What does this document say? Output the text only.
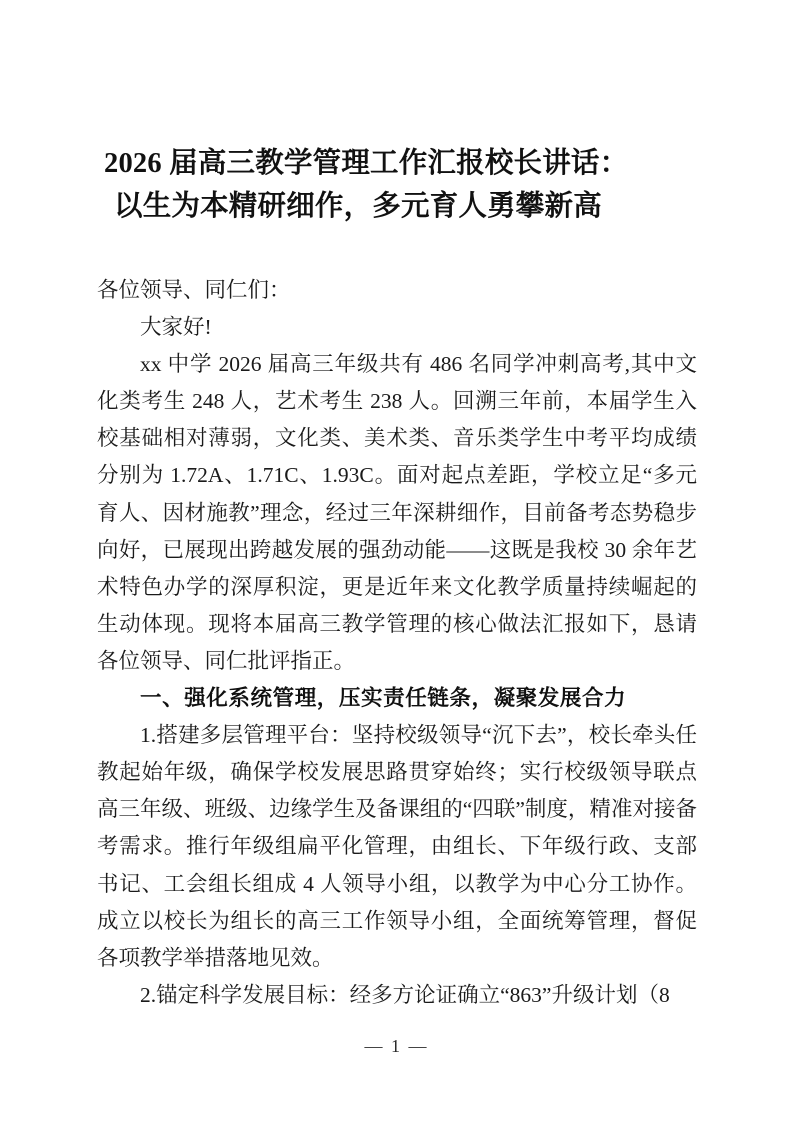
2026 届高三教学管理工作汇报校长讲话：
以生为本精研细作，多元育人勇攀新高

各位领导、同仁们：

大家好!

xx 中学 2026 届高三年级共有 486 名同学冲刺高考,其中文化类考生 248 人，艺术考生 238 人。回溯三年前，本届学生入校基础相对薄弱，文化类、美术类、音乐类学生中考平均成绩分别为 1.72A、1.71C、1.93C。面对起点差距，学校立足“多元育人、因材施教”理念，经过三年深耕细作，目前备考态势稳步向好，已展现出跨越发展的强劲动能——这既是我校 30 余年艺术特色办学的深厚积淀，更是近年来文化教学质量持续崛起的生动体现。现将本届高三教学管理的核心做法汇报如下，恳请各位领导、同仁批评指正。

一、强化系统管理，压实责任链条，凝聚发展合力

1.搭建多层管理平台：坚持校级领导“沉下去”，校长牵头任教起始年级，确保学校发展思路贯穿始终；实行校级领导联点高三年级、班级、边缘学生及备课组的“四联”制度，精准对接备考需求。推行年级组扁平化管理，由组长、下年级行政、支部书记、工会组长组成 4 人领导小组，以教学为中心分工协作。成立以校长为组长的高三工作领导小组，全面统筹管理，督促各项教学举措落地见效。

2.锚定科学发展目标：经多方论证确立“863”升级计划（8

— 1 —
